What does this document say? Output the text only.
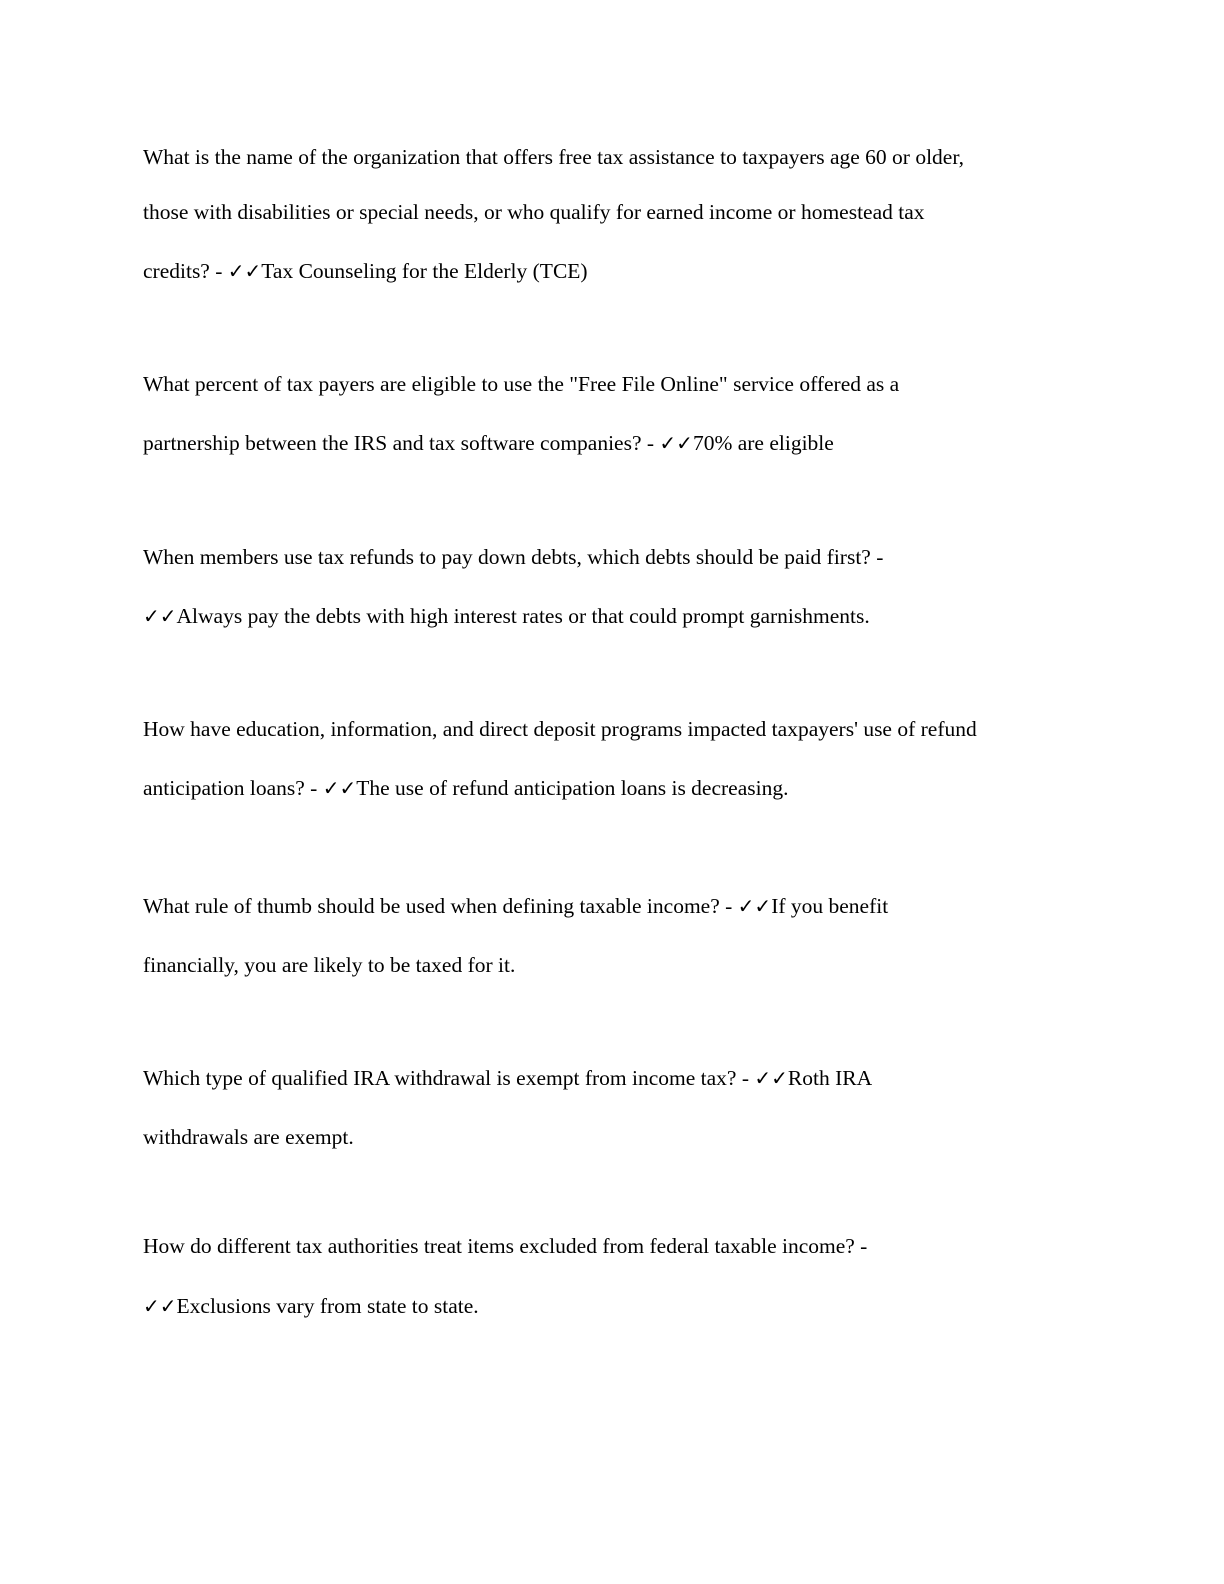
What is the name of the organization that offers free tax assistance to taxpayers age 60 or older,
those with disabilities or special needs, or who qualify for earned income or homestead tax
credits? - ✓✓Tax Counseling for the Elderly (TCE)
What percent of tax payers are eligible to use the "Free File Online" service offered as a
partnership between the IRS and tax software companies? - ✓✓70% are eligible
When members use tax refunds to pay down debts, which debts should be paid first? -
✓✓Always pay the debts with high interest rates or that could prompt garnishments.
How have education, information, and direct deposit programs impacted taxpayers' use of refund
anticipation loans? - ✓✓The use of refund anticipation loans is decreasing.
What rule of thumb should be used when defining taxable income? - ✓✓If you benefit
financially, you are likely to be taxed for it.
Which type of qualified IRA withdrawal is exempt from income tax? - ✓✓Roth IRA
withdrawals are exempt.
How do different tax authorities treat items excluded from federal taxable income? -
✓✓Exclusions vary from state to state.
